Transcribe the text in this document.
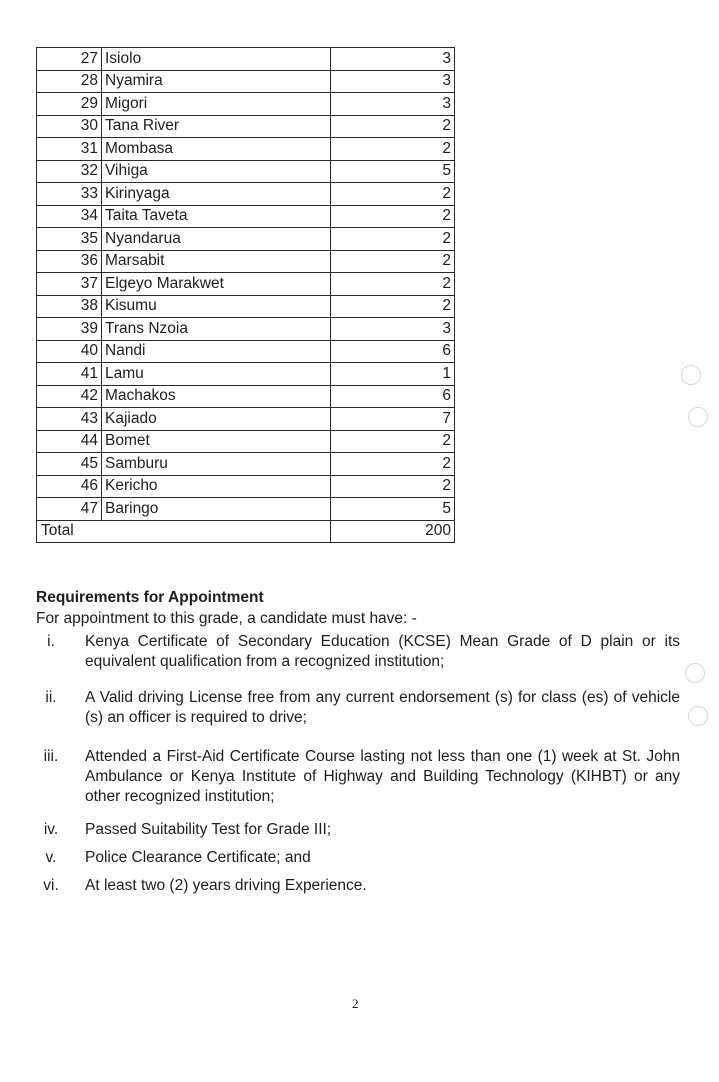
27	Isiolo	3
28	Nyamira	3
29	Migori	3
30	Tana River	2
31	Mombasa	2
32	Vihiga	5
33	Kirinyaga	2
34	Taita Taveta	2
35	Nyandarua	2
36	Marsabit	2
37	Elgeyo Marakwet	2
38	Kisumu	2
39	Trans Nzoia	3
40	Nandi	6
41	Lamu	1
42	Machakos	6
43	Kajiado	7
44	Bomet	2
45	Samburu	2
46	Kericho	2
47	Baringo	5
Total		200
Requirements for Appointment
For appointment to this grade, a candidate must have: -
i.	Kenya Certificate of Secondary Education (KCSE) Mean Grade of D plain or its equivalent qualification from a recognized institution;
ii.	A Valid driving License free from any current endorsement (s) for class (es) of vehicle (s) an officer is required to drive;
iii.	Attended a First-Aid Certificate Course lasting not less than one (1) week at St. John Ambulance or Kenya Institute of Highway and Building Technology (KIHBT) or any other recognized institution;
iv.	Passed Suitability Test for Grade III;
v.	Police Clearance Certificate; and
vi.	At least two (2) years driving Experience.
2
